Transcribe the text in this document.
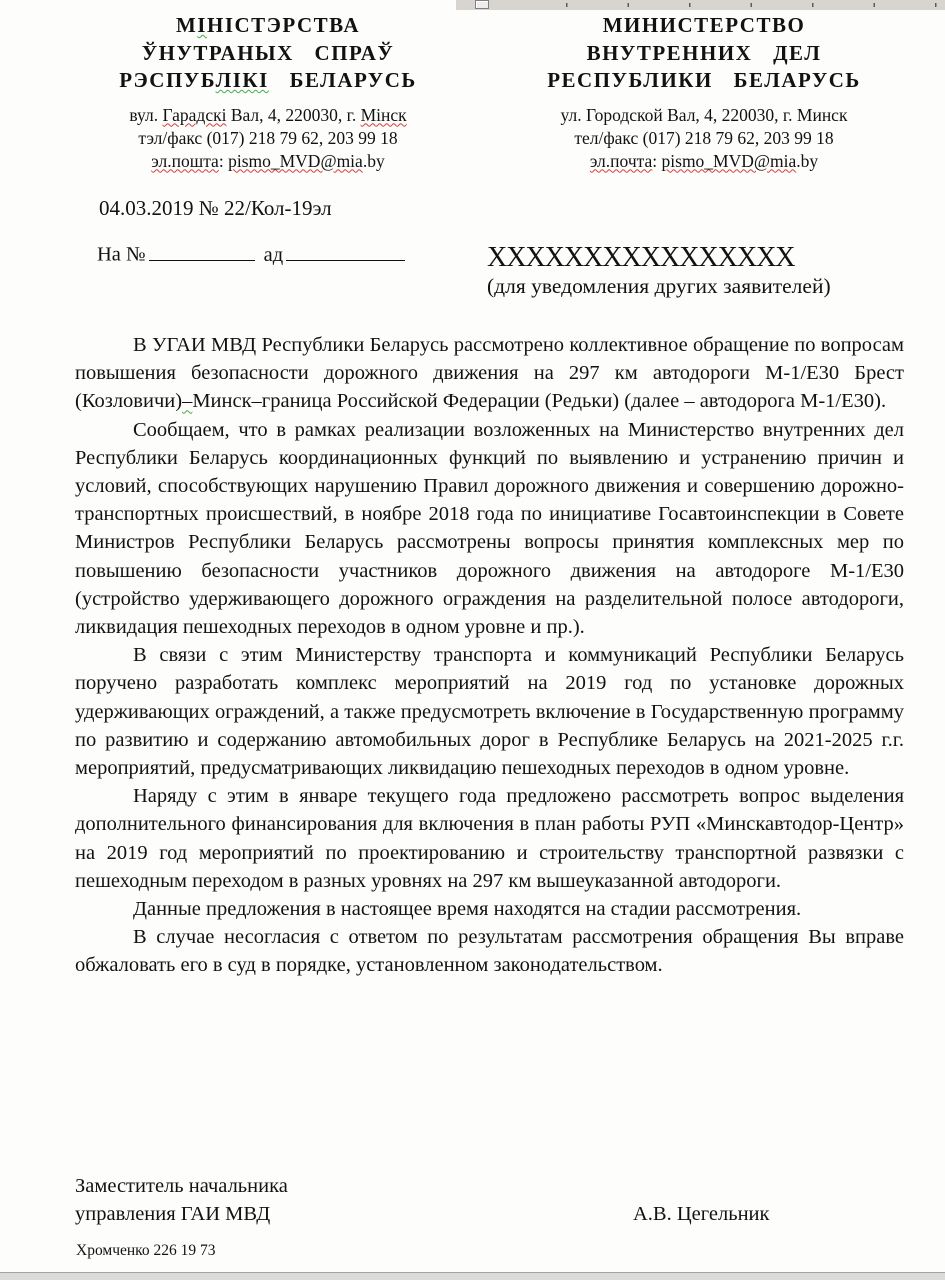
МІНІСТЭРСТВА
ЎНУТРАНЫХ СПРАЎ
РЭСПУБЛІКІ БЕЛАРУСЬ
вул. Гарадскі Вал, 4, 220030, г. Мінск
тэл/факс (017) 218 79 62, 203 99 18
эл.пошта: pismo_MVD@mia.by
МИНИСТЕРСТВО
ВНУТРЕННИХ ДЕЛ
РЕСПУБЛИКИ БЕЛАРУСЬ
ул. Городской Вал, 4, 220030, г. Минск
тел/факс (017) 218 79 62, 203 99 18
эл.почта: pismo_MVD@mia.by
04.03.2019 № 22/Кол-19эл
На №	ад	ХХХХХХХХХХХХХХХХ
(для уведомления других заявителей)

В УГАИ МВД Республики Беларусь рассмотрено коллективное обращение по вопросам повышения безопасности дорожного движения на 297 км автодороги М-1/Е30 Брест (Козловичи)–Минск–граница Российской Федерации (Редьки) (далее – автодорога М-1/Е30).

Сообщаем, что в рамках реализации возложенных на Министерство внутренних дел Республики Беларусь координационных функций по выявлению и устранению причин и условий, способствующих нарушению Правил дорожного движения и совершению дорожно-транспортных происшествий, в ноябре 2018 года по инициативе Госавтоинспекции в Совете Министров Республики Беларусь рассмотрены вопросы принятия комплексных мер по повышению безопасности участников дорожного движения на автодороге М-1/Е30 (устройство удерживающего дорожного ограждения на разделительной полосе автодороги, ликвидация пешеходных переходов в одном уровне и пр.).

В связи с этим Министерству транспорта и коммуникаций Республики Беларусь поручено разработать комплекс мероприятий на 2019 год по установке дорожных удерживающих ограждений, а также предусмотреть включение в Государственную программу по развитию и содержанию автомобильных дорог в Республике Беларусь на 2021-2025 г.г. мероприятий, предусматривающих ликвидацию пешеходных переходов в одном уровне.

Наряду с этим в январе текущего года предложено рассмотреть вопрос выделения дополнительного финансирования для включения в план работы РУП «Минскавтодор-Центр» на 2019 год мероприятий по проектированию и строительству транспортной развязки с пешеходным переходом в разных уровнях на 297 км вышеуказанной автодороги.

Данные предложения в настоящее время находятся на стадии рассмотрения.

В случае несогласия с ответом по результатам рассмотрения обращения Вы вправе обжаловать его в суд в порядке, установленном законодательством.

Заместитель начальника
управления ГАИ МВД	А.В. Цегельник
Хромченко 226 19 73
